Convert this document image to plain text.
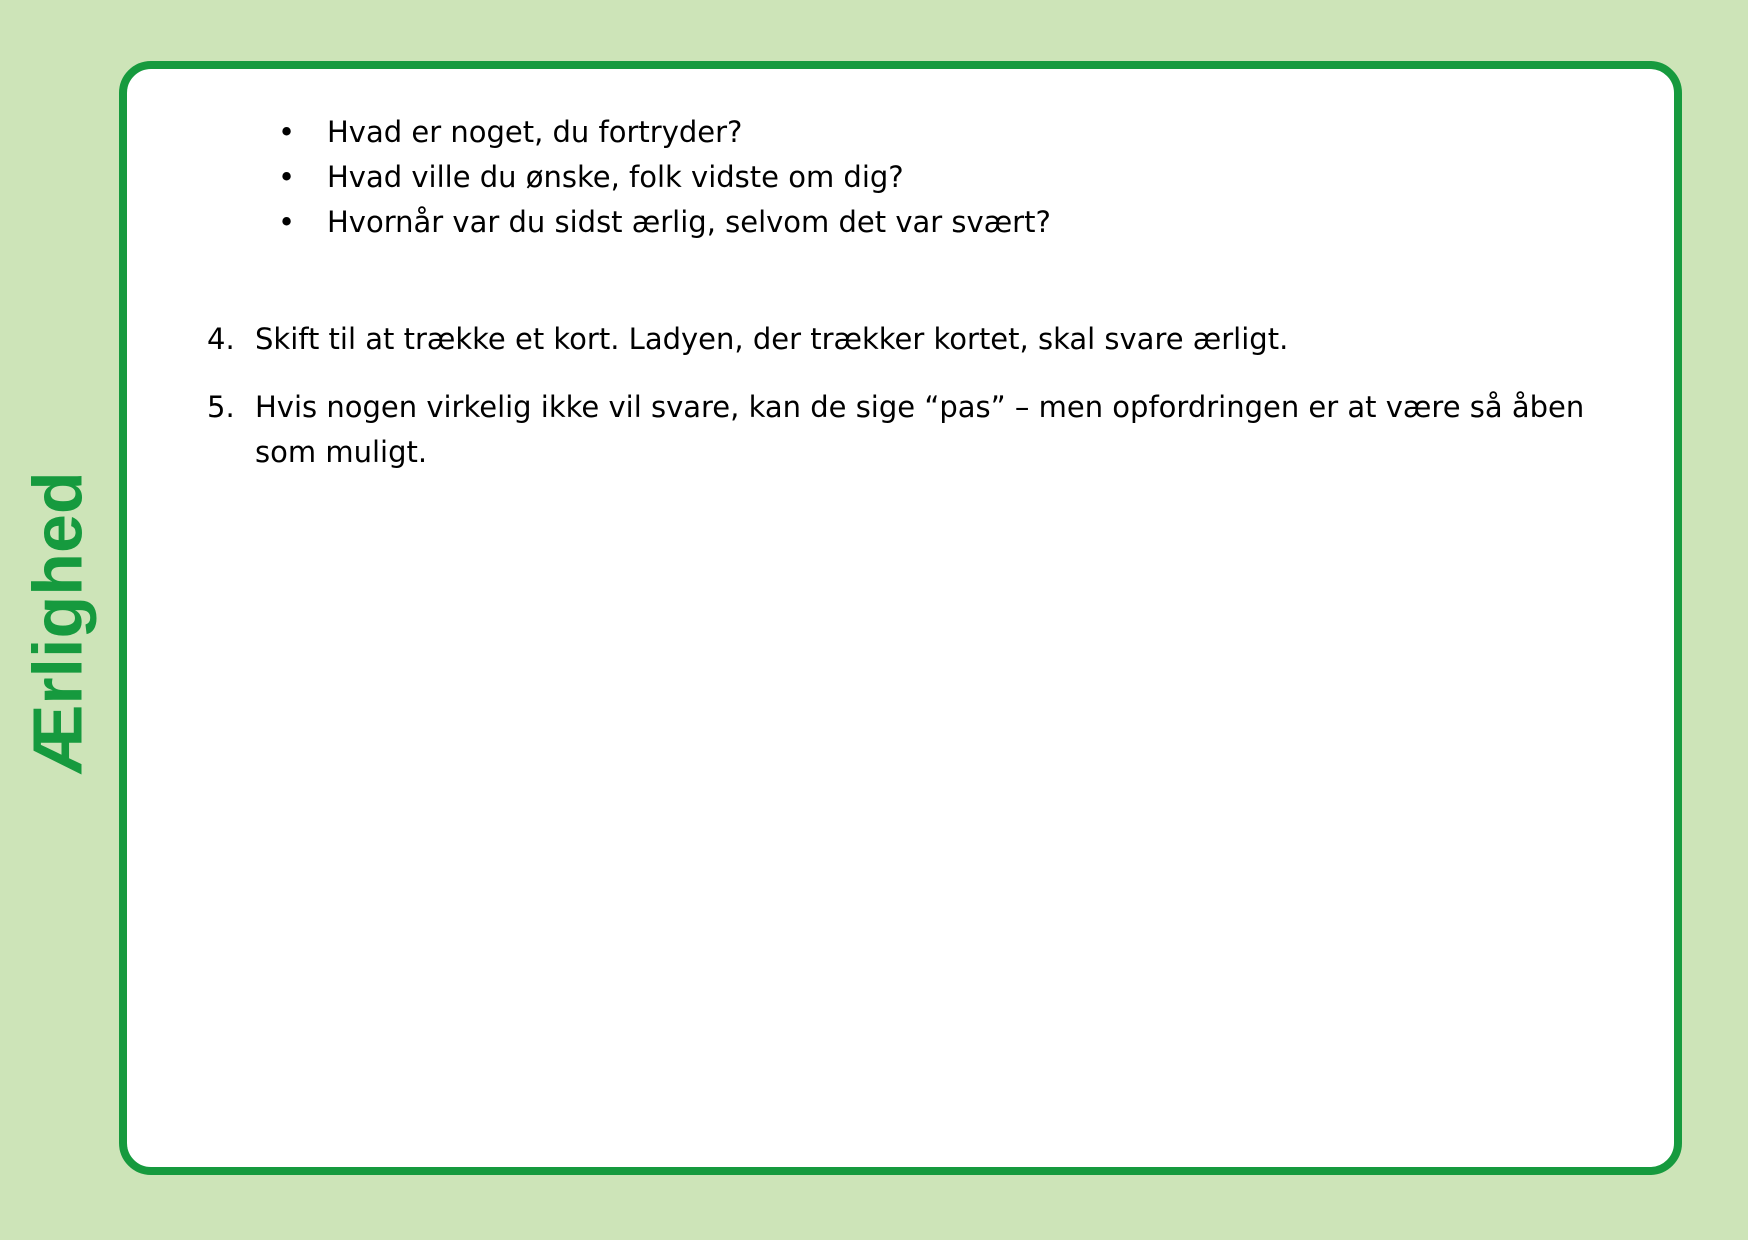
Ærlighed
• Hvad er noget, du fortryder?
• Hvad ville du ønske, folk vidste om dig?
• Hvornår var du sidst ærlig, selvom det var svært?
4. Skift til at trække et kort. Ladyen, der trækker kortet, skal svare ærligt.
5. Hvis nogen virkelig ikke vil svare, kan de sige “pas” – men opfordringen er at være så åben som muligt.
